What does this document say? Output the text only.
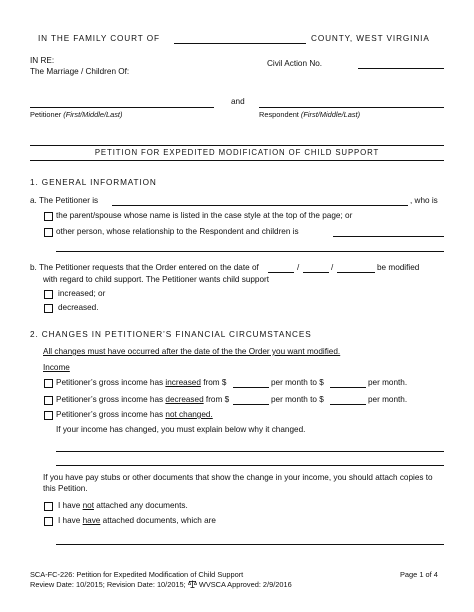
IN THE FAMILY COURT OF	COUNTY, WEST VIRGINIA
IN RE:
The Marriage / Children Of:
Civil Action No.
and
Petitioner (First/Middle/Last)	Respondent (First/Middle/Last)
PETITION FOR EXPEDITED MODIFICATION OF CHILD SUPPORT
1. GENERAL INFORMATION
a. The Petitioner is	, who is
the parent/spouse whose name is listed in the case style at the top of the page; or
other person, whose relationship to the Respondent and children is
b. The Petitioner requests that the Order entered on the date of	/	/	be modified
with regard to child support. The Petitioner wants child support
increased; or
decreased.
2. CHANGES IN PETITIONER’S FINANCIAL CIRCUMSTANCES
All changes must have occurred after the date of the the Order you want modified.
Income
Petitioner’s gross income has increased from $	per month to $	per month.
Petitioner’s gross income has decreased from $	per month to $	per month.
Petitioner’s gross income has not changed.
If your income has changed, you must explain below why it changed.
If you have pay stubs or other documents that show the change in your income, you should attach copies to
this Petition.
I have not attached any documents.
I have have attached documents, which are
SCA-FC-226: Petition for Expedited Modification of Child Support
Review Date: 10/2015; Revision Date: 10/2015; WVSCA Approved: 2/9/2016
Page 1 of 4
